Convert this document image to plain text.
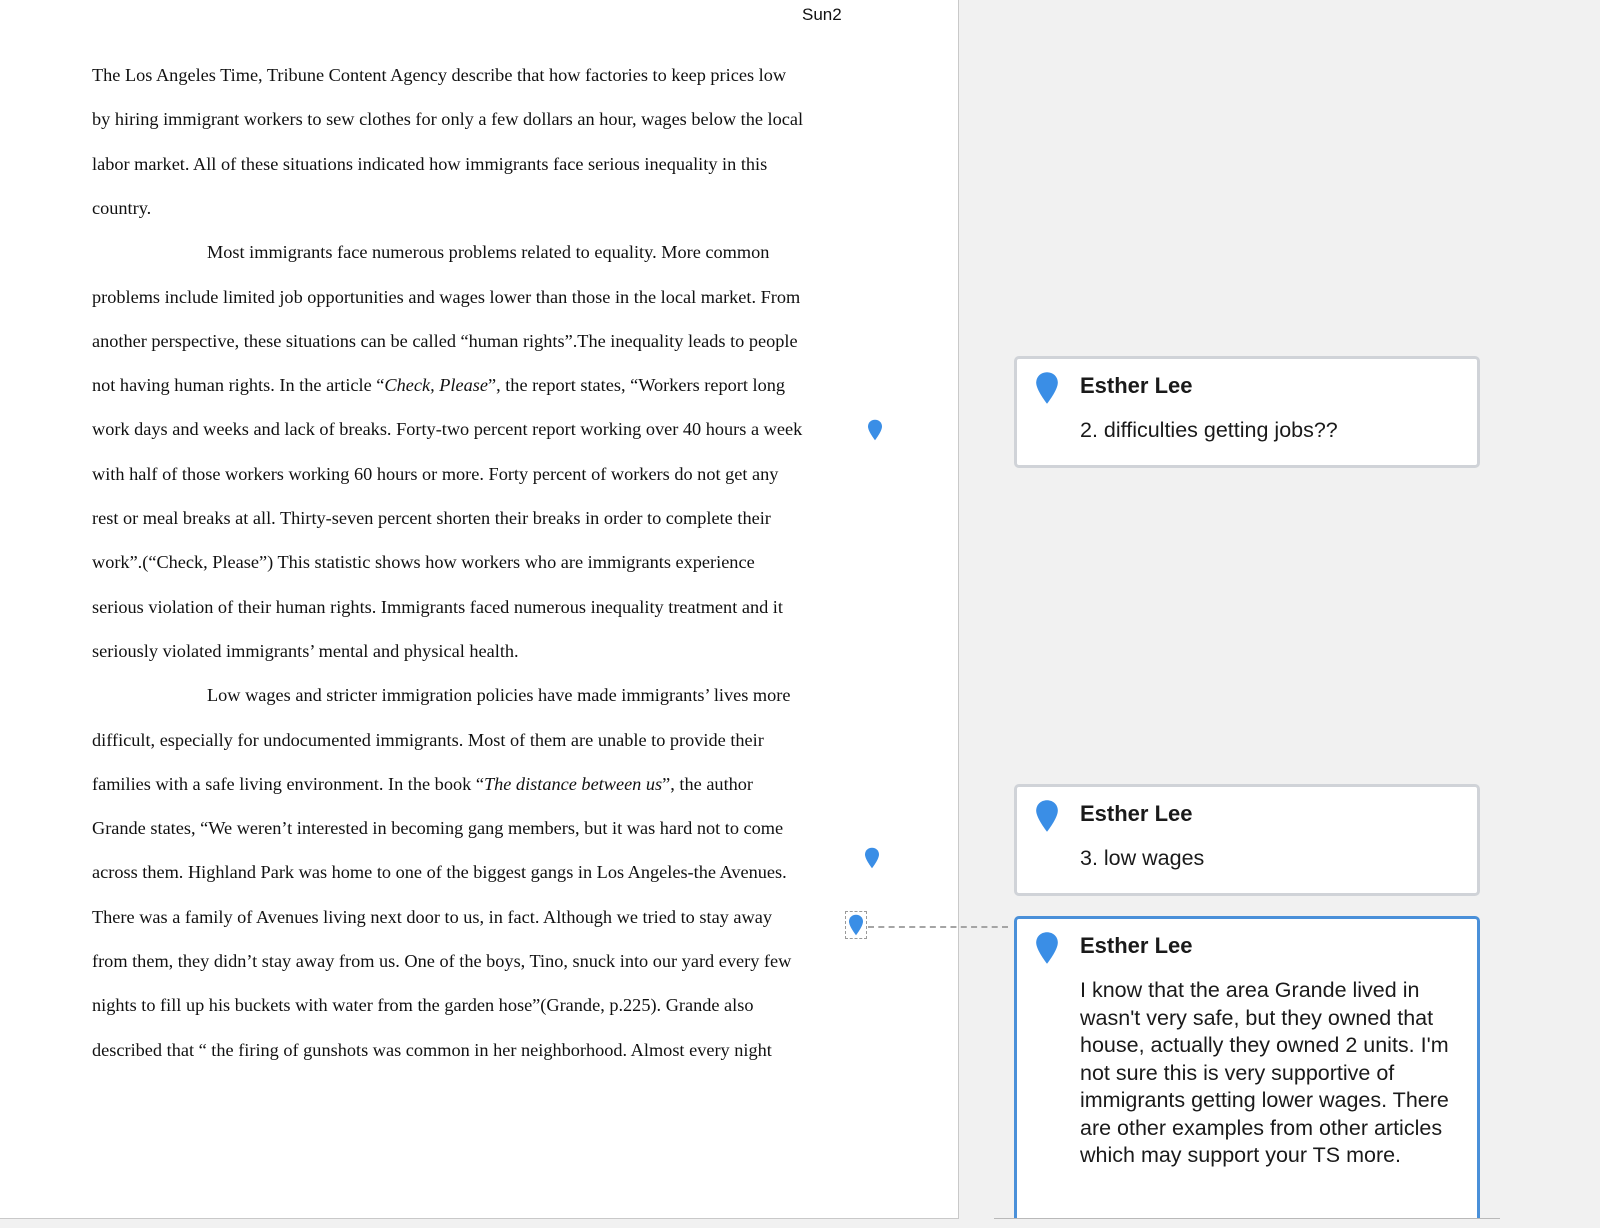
Sun2
The Los Angeles Time, Tribune Content Agency describe that how factories to keep prices low
by hiring immigrant workers to sew clothes for only a few dollars an hour, wages below the local
labor market. All of these situations indicated how immigrants face serious inequality in this
country.
Most immigrants face numerous problems related to equality. More common
problems include limited job opportunities and wages lower than those in the local market. From
another perspective, these situations can be called “human rights”.The inequality leads to people
not having human rights. In the article “Check, Please”, the report states, “Workers report long
work days and weeks and lack of breaks. Forty-two percent report working over 40 hours a week
with half of those workers working 60 hours or more. Forty percent of workers do not get any
rest or meal breaks at all. Thirty-seven percent shorten their breaks in order to complete their
work”.(“Check, Please”) This statistic shows how workers who are immigrants experience
serious violation of their human rights. Immigrants faced numerous inequality treatment and it
seriously violated immigrants’ mental and physical health.
Low wages and stricter immigration policies have made immigrants’ lives more
difficult, especially for undocumented immigrants. Most of them are unable to provide their
families with a safe living environment. In the book “The distance between us”, the author
Grande states, “We weren’t interested in becoming gang members, but it was hard not to come
across them. Highland Park was home to one of the biggest gangs in Los Angeles-the Avenues.
There was a family of Avenues living next door to us, in fact. Although we tried to stay away
from them, they didn’t stay away from us. One of the boys, Tino, snuck into our yard every few
nights to fill up his buckets with water from the garden hose”(Grande, p.225). Grande also
described that “ the firing of gunshots was common in her neighborhood. Almost every night
Esther Lee
2. difficulties getting jobs??
Esther Lee
3. low wages
Esther Lee
I know that the area Grande lived in wasn't very safe, but they owned that house, actually they owned 2 units. I'm not sure this is very supportive of immigrants getting lower wages. There are other examples from other articles which may support your TS more.
